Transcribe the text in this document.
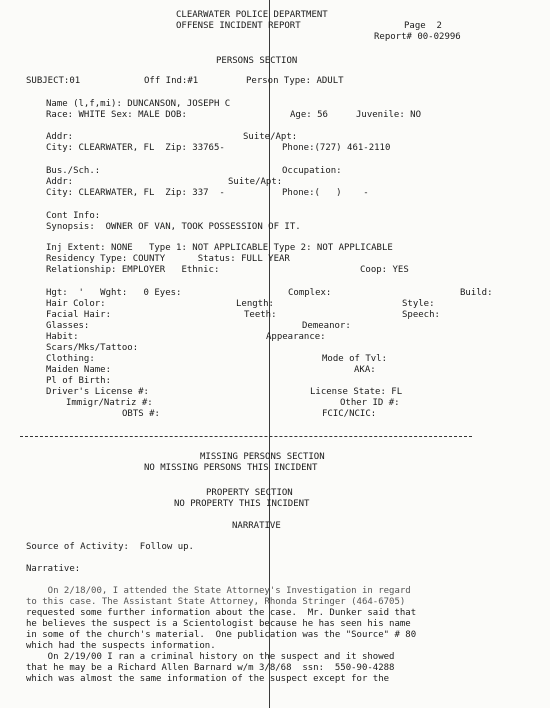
CLEARWATER POLICE DEPARTMENT
OFFENSE INCIDENT REPORT	Page  2
Report# 00-02996
PERSONS SECTION
SUBJECT:01	Off Ind:#1	Person Type: ADULT
Name (l,f,mi): DUNCANSON, JOSEPH C
Race: WHITE Sex: MALE DOB:	Age: 56	Juvenile: NO
Addr:	Suite/Apt:
City: CLEARWATER, FL  Zip: 33765-	Phone:(727) 461-2110
Bus./Sch.:	Occupation:
Addr:	Suite/Apt:
City: CLEARWATER, FL  Zip: 337  -	Phone:(   )    -
Cont Info:
Synopsis:  OWNER OF VAN, TOOK POSSESSION OF IT.
Inj Extent: NONE   Type 1: NOT APPLICABLE Type 2: NOT APPLICABLE
Residency Type: COUNTY      Status: FULL YEAR
Relationship: EMPLOYER   Ethnic:	Coop: YES
Hgt:  '   Wght:   0 Eyes:	Complex:	Build:
Hair Color:	Length:	Style:
Facial Hair:	Teeth:	Speech:
Glasses:	Demeanor:
Habit:	Appearance:
Scars/Mks/Tattoo:
Clothing:	Mode of Tvl:
Maiden Name:	AKA:
Pl of Birth:
Driver's License #:	License State: FL
Immigr/Natriz #:	Other ID #:
OBTS #:	FCIC/NCIC:
MISSING PERSONS SECTION
NO MISSING PERSONS THIS INCIDENT
PROPERTY SECTION
NO PROPERTY THIS INCIDENT
NARRATIVE
Source of Activity:  Follow up.
Narrative:
On 2/18/00, I attended the State Attorney's Investigation in regard
to this case. The Assistant State Attorney, Rhonda Stringer (464-6705)
requested some further information about the case.  Mr. Dunker said that
he believes the suspect is a Scientologist because he has seen his name
in some of the church's material.  One publication was the "Source" # 80
which had the suspects information.
On 2/19/00 I ran a criminal history on the suspect and it showed
that he may be a Richard Allen Barnard w/m 3/8/68  ssn:  550-90-4288
which was almost the same information of the suspect except for the
